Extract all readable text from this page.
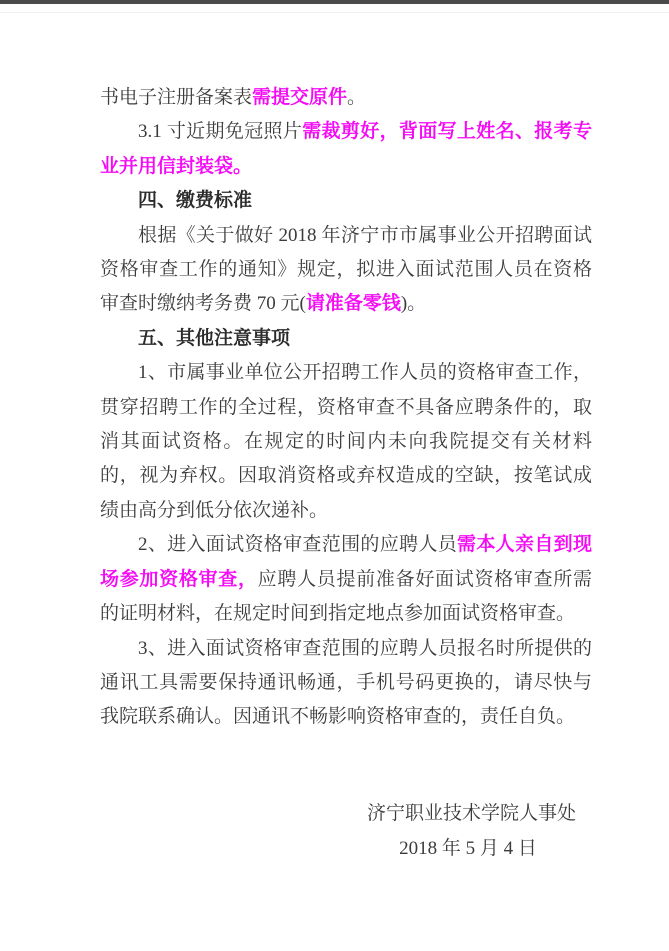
书电子注册备案表需提交原件。

3.1 寸近期免冠照片需裁剪好，背面写上姓名、报考专业并用信封装袋。

四、缴费标准

根据《关于做好 2018 年济宁市市属事业公开招聘面试资格审查工作的通知》规定，拟进入面试范围人员在资格审查时缴纳考务费 70 元(请准备零钱)。

五、其他注意事项

1、市属事业单位公开招聘工作人员的资格审查工作，贯穿招聘工作的全过程，资格审查不具备应聘条件的，取消其面试资格。在规定的时间内未向我院提交有关材料的，视为弃权。因取消资格或弃权造成的空缺，按笔试成绩由高分到低分依次递补。

2、进入面试资格审查范围的应聘人员需本人亲自到现场参加资格审查，应聘人员提前准备好面试资格审查所需的证明材料，在规定时间到指定地点参加面试资格审查。

3、进入面试资格审查范围的应聘人员报名时所提供的通讯工具需要保持通讯畅通，手机号码更换的，请尽快与我院联系确认。因通讯不畅影响资格审查的，责任自负。

济宁职业技术学院人事处
2018 年 5 月 4 日
